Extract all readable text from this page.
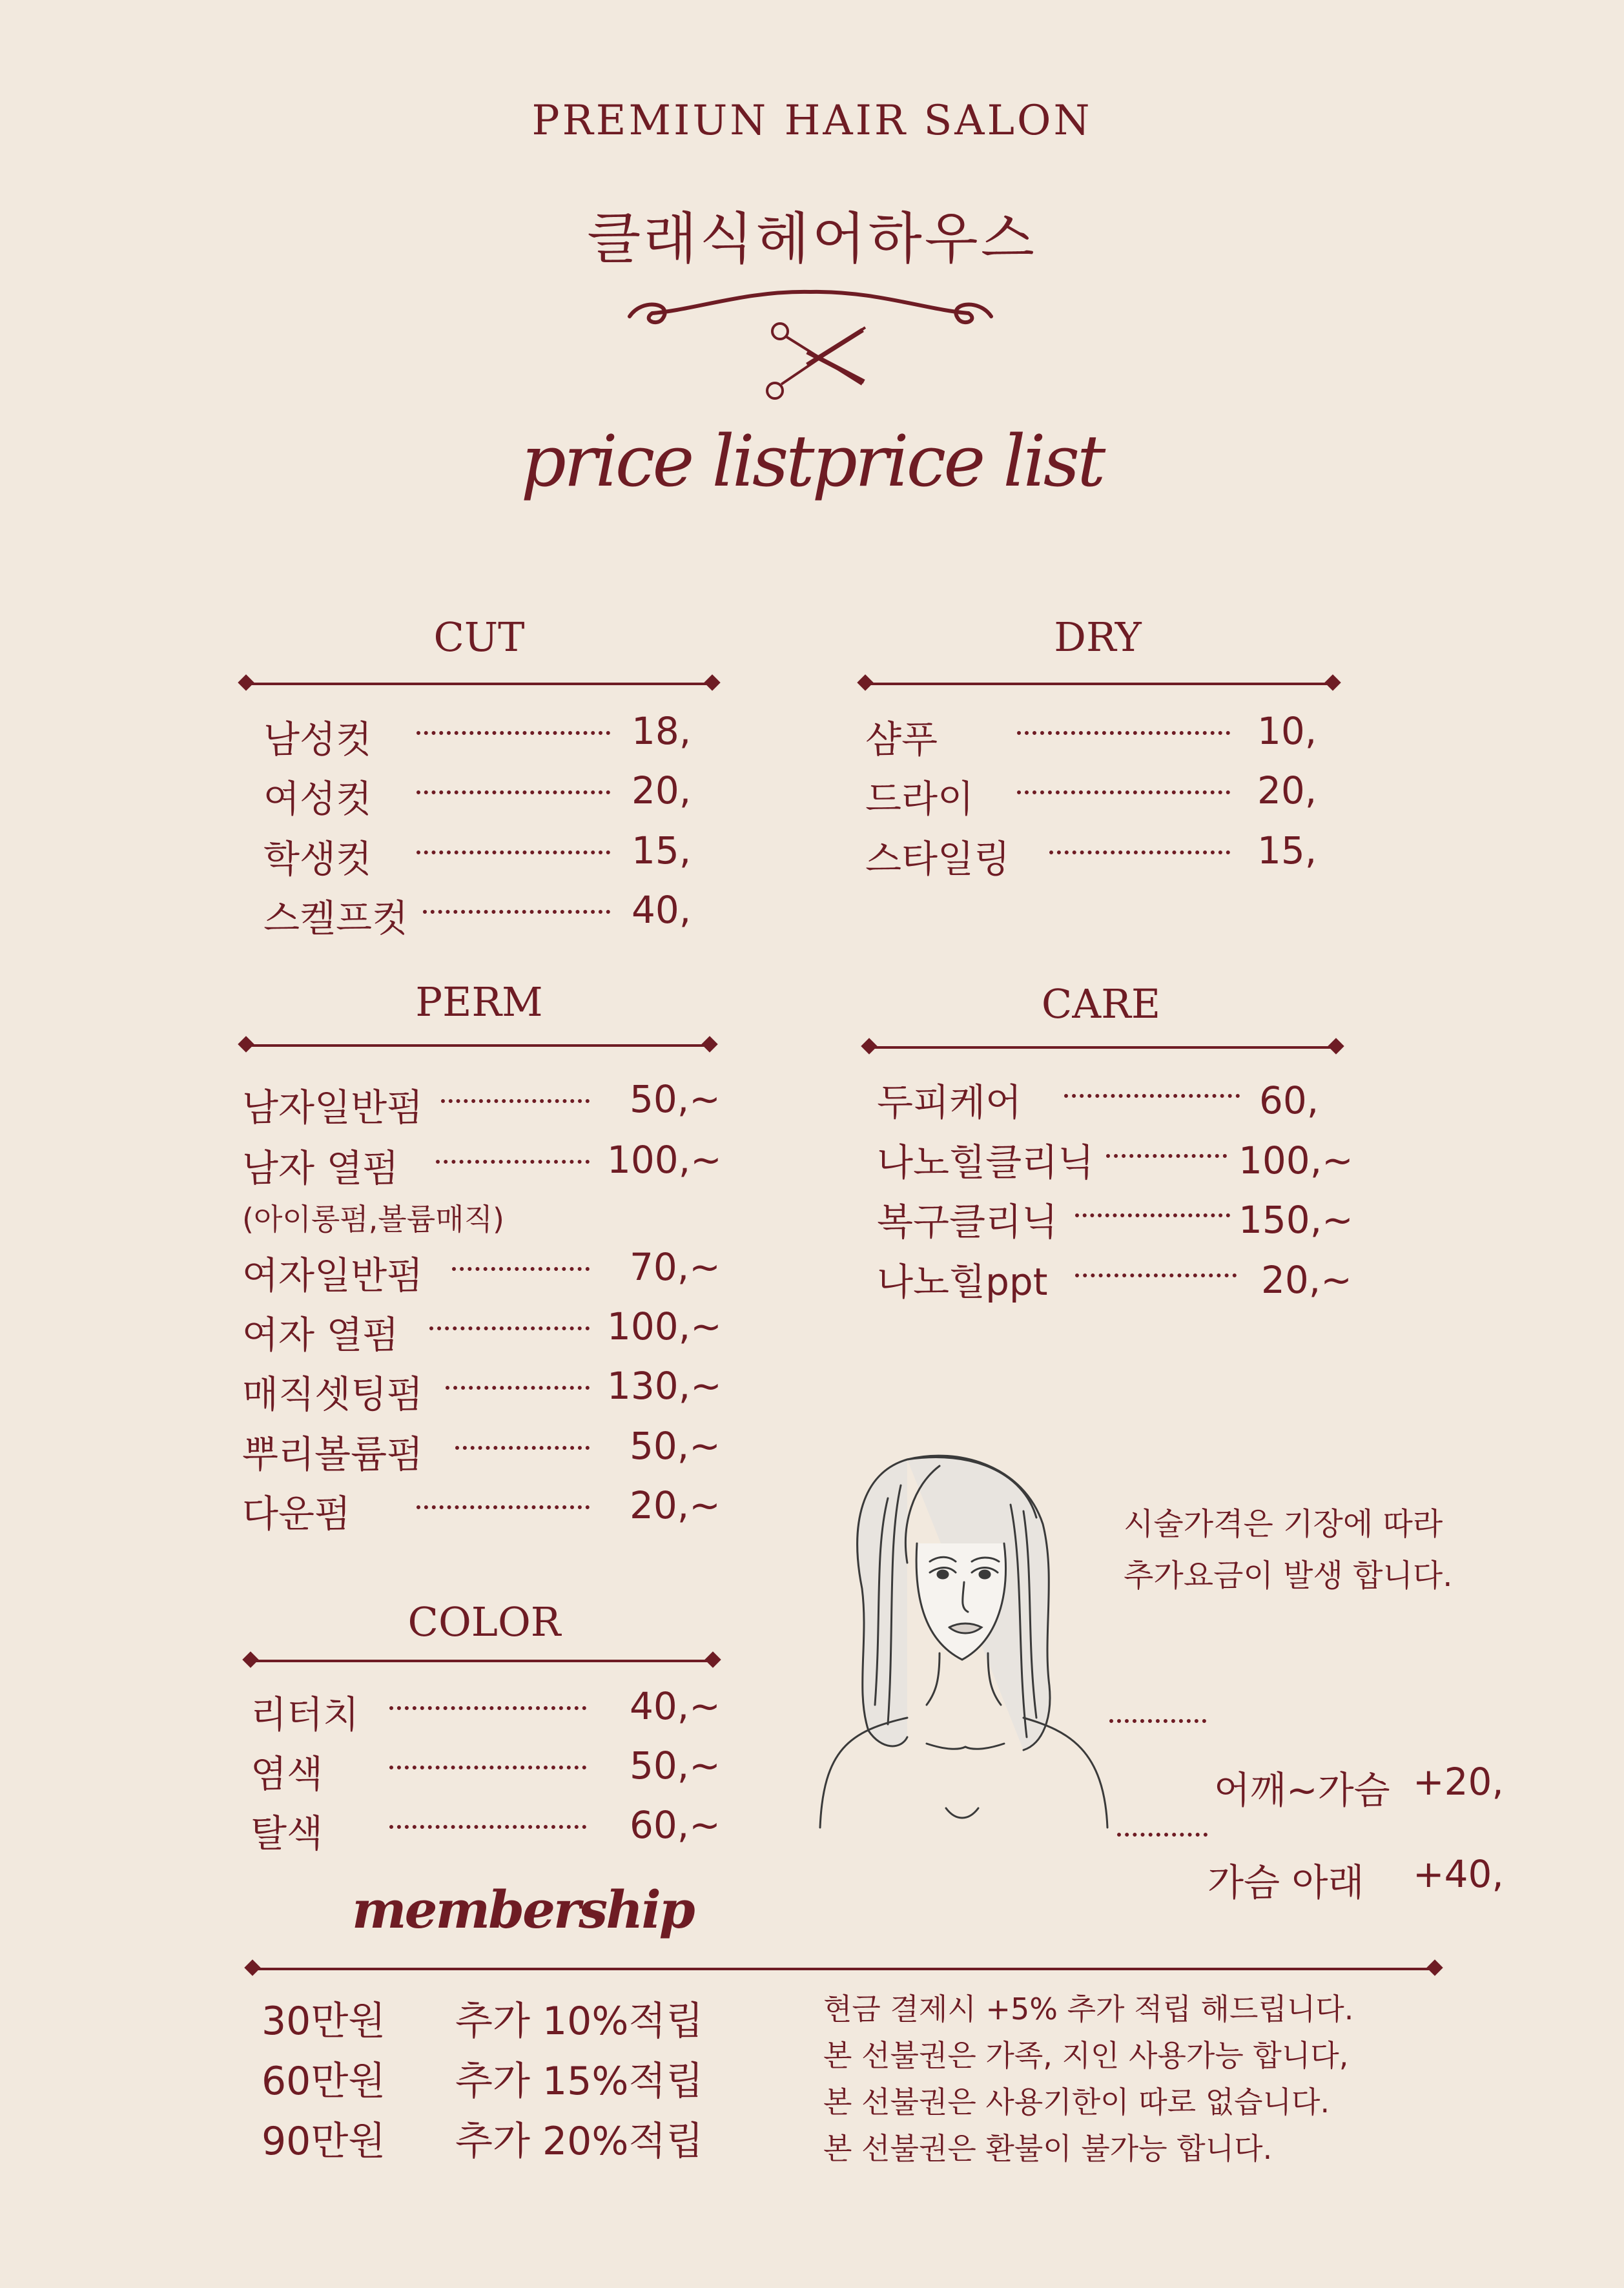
PREMIUN HAIR SALON
클래식헤어하우스
price listprice list
CUT
남성컷	18,
여성컷	20,
학생컷	15,
스켈프컷	40,
DRY
샴푸	10,
드라이	20,
스타일링	15,
PERM
남자일반펌	50,~
남자 열펌	100,~
(아이롱펌,볼륨매직)
여자일반펌	70,~
여자 열펌	100,~
매직셋팅펌	130,~
뿌리볼륨펌	50,~
다운펌	20,~
CARE
두피케어	60,
나노힐클리닉	100,~
복구클리닉	150,~
나노힐ppt	20,~
COLOR
리터치	40,~
염색	50,~
탈색	60,~
시술가격은 기장에 따라
추가요금이 발생 합니다.
어깨~가슴 +20,
가슴 아래 +40,
membership
30만원 추가 10%적립
60만원 추가 15%적립
90만원 추가 20%적립
현금 결제시 +5% 추가 적립 해드립니다.
본 선불권은 가족, 지인 사용가능 합니다,
본 선불권은 사용기한이 따로 없습니다.
본 선불권은 환불이 불가능 합니다.
